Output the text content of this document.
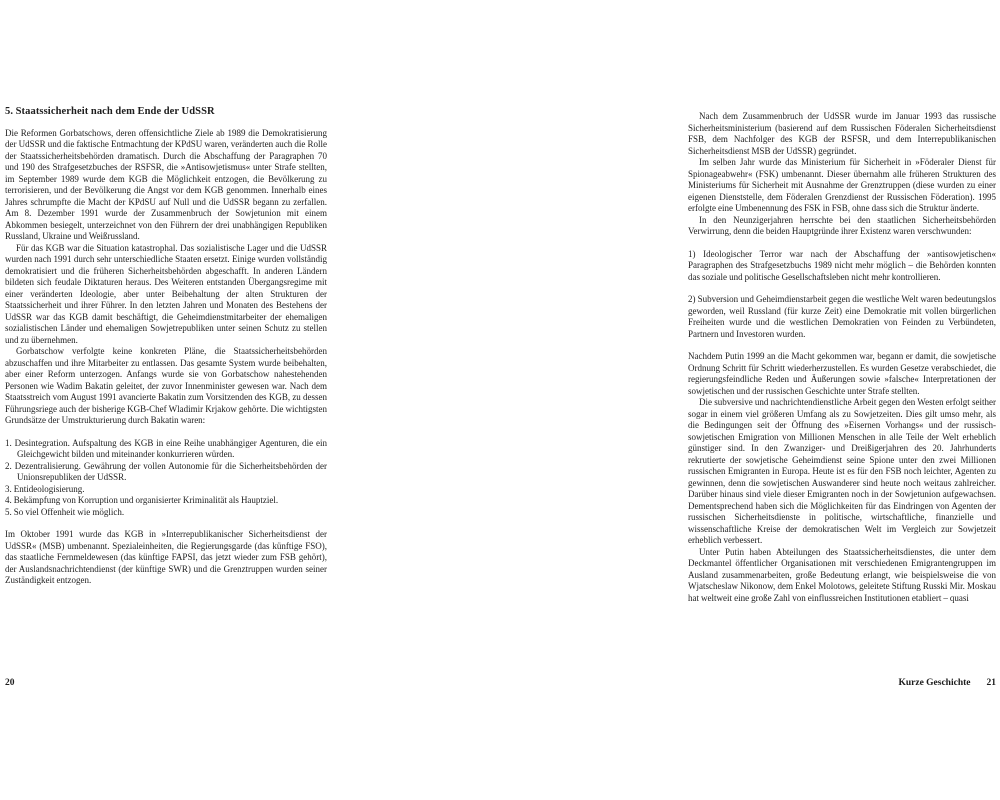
5. Staatssicherheit nach dem Ende der UdSSR

Die Reformen Gorbatschows, deren offensichtliche Ziele ab 1989 die Demokratisierung der UdSSR und die faktische Entmachtung der KPdSU waren, veränderten auch die Rolle der Staatssicherheitsbehörden dramatisch. Durch die Abschaffung der Paragraphen 70 und 190 des Strafgesetzbuches der RSFSR, die »Antisowjetismus« unter Strafe stellten, im September 1989 wurde dem KGB die Möglichkeit entzogen, die Bevölkerung zu terrorisieren, und der Bevölkerung die Angst vor dem KGB genommen. Innerhalb eines Jahres schrumpfte die Macht der KPdSU auf Null und die UdSSR begann zu zerfallen. Am 8. Dezember 1991 wurde der Zusammenbruch der Sowjetunion mit einem Abkommen besiegelt, unterzeichnet von den Führern der drei unabhängigen Republiken Russland, Ukraine und Weißrussland.

Für das KGB war die Situation katastrophal. Das sozialistische Lager und die UdSSR wurden nach 1991 durch sehr unterschiedliche Staaten ersetzt. Einige wurden vollständig demokratisiert und die früheren Sicherheitsbehörden abgeschafft. In anderen Ländern bildeten sich feudale Diktaturen heraus. Des Weiteren entstanden Übergangsregime mit einer veränderten Ideologie, aber unter Beibehaltung der alten Strukturen der Staatssicherheit und ihrer Führer. In den letzten Jahren und Monaten des Bestehens der UdSSR war das KGB damit beschäftigt, die Geheimdienstmitarbeiter der ehemaligen sozialistischen Länder und ehemaligen Sowjetrepubliken unter seinen Schutz zu stellen und zu übernehmen.

Gorbatschow verfolgte keine konkreten Pläne, die Staatssicherheitsbehörden abzuschaffen und ihre Mitarbeiter zu entlassen. Das gesamte System wurde beibehalten, aber einer Reform unterzogen. Anfangs wurde sie von Gorbatschow nahestehenden Personen wie Wadim Bakatin geleitet, der zuvor Innenminister gewesen war. Nach dem Staatsstreich vom August 1991 avancierte Bakatin zum Vorsitzenden des KGB, zu dessen Führungsriege auch der bisherige KGB-Chef Wladimir Krjakow gehörte. Die wichtigsten Grundsätze der Umstrukturierung durch Bakatin waren:

1. Desintegration. Aufspaltung des KGB in eine Reihe unabhängiger Agenturen, die ein Gleichgewicht bilden und miteinander konkurrieren würden.

2. Dezentralisierung. Gewährung der vollen Autonomie für die Sicherheitsbehörden der Unionsrepubliken der UdSSR.

3. Entideologisierung.

4. Bekämpfung von Korruption und organisierter Kriminalität als Hauptziel.

5. So viel Offenheit wie möglich.

Im Oktober 1991 wurde das KGB in »Interrepublikanischer Sicherheitsdienst der UdSSR« (MSB) umbenannt. Spezialeinheiten, die Regierungsgarde (das künftige FSO), das staatliche Fernmeldewesen (das künftige FAPSI, das jetzt wieder zum FSB gehört), der Auslandsnachrichtendienst (der künftige SWR) und die Grenztruppen wurden seiner Zuständigkeit entzogen.

Nach dem Zusammenbruch der UdSSR wurde im Januar 1993 das russische Sicherheitsministerium (basierend auf dem Russischen Föderalen Sicherheitsdienst FSB, dem Nachfolger des KGB der RSFSR, und dem Interrepublikanischen Sicherheitsdienst MSB der UdSSR) gegründet.

Im selben Jahr wurde das Ministerium für Sicherheit in »Föderaler Dienst für Spionageabwehr« (FSK) umbenannt. Dieser übernahm alle früheren Strukturen des Ministeriums für Sicherheit mit Ausnahme der Grenztruppen (diese wurden zu einer eigenen Dienststelle, dem Föderalen Grenzdienst der Russischen Föderation). 1995 erfolgte eine Umbenennung des FSK in FSB, ohne dass sich die Struktur änderte.

In den Neunzigerjahren herrschte bei den staatlichen Sicherheitsbehörden Verwirrung, denn die beiden Hauptgründe ihrer Existenz waren verschwunden:

1) Ideologischer Terror war nach der Abschaffung der »antisowjetischen« Paragraphen des Strafgesetzbuchs 1989 nicht mehr möglich – die Behörden konnten das soziale und politische Gesellschaftsleben nicht mehr kontrollieren.

2) Subversion und Geheimdienstarbeit gegen die westliche Welt waren bedeutungslos geworden, weil Russland (für kurze Zeit) eine Demokratie mit vollen bürgerlichen Freiheiten wurde und die westlichen Demokratien von Feinden zu Verbündeten, Partnern und Investoren wurden.

Nachdem Putin 1999 an die Macht gekommen war, begann er damit, die sowjetische Ordnung Schritt für Schritt wiederherzustellen. Es wurden Gesetze verabschiedet, die regierungsfeindliche Reden und Äußerungen sowie »falsche« Interpretationen der sowjetischen und der russischen Geschichte unter Strafe stellten.

Die subversive und nachrichtendienstliche Arbeit gegen den Westen erfolgt seither sogar in einem viel größeren Umfang als zu Sowjetzeiten. Dies gilt umso mehr, als die Bedingungen seit der Öffnung des »Eisernen Vorhangs« und der russisch-sowjetischen Emigration von Millionen Menschen in alle Teile der Welt erheblich günstiger sind. In den Zwanziger- und Dreißigerjahren des 20. Jahrhunderts rekrutierte der sowjetische Geheimdienst seine Spione unter den zwei Millionen russischen Emigranten in Europa. Heute ist es für den FSB noch leichter, Agenten zu gewinnen, denn die sowjetischen Auswanderer sind heute noch weitaus zahlreicher. Darüber hinaus sind viele dieser Emigranten noch in der Sowjetunion aufgewachsen. Dementsprechend haben sich die Möglichkeiten für das Eindringen von Agenten der russischen Sicherheitsdienste in politische, wirtschaftliche, finanzielle und wissenschaftliche Kreise der demokratischen Welt im Vergleich zur Sowjetzeit erheblich verbessert.

Unter Putin haben Abteilungen des Staatssicherheitsdienstes, die unter dem Deckmantel öffentlicher Organisationen mit verschiedenen Emigrantengruppen im Ausland zusammenarbeiten, große Bedeutung erlangt, wie beispielsweise die von Wjatscheslaw Nikonow, dem Enkel Molotows, geleitete Stiftung Russki Mir. Moskau hat weltweit eine große Zahl von einflussreichen Institutionen etabliert – quasi

20	Kurze Geschichte 21
